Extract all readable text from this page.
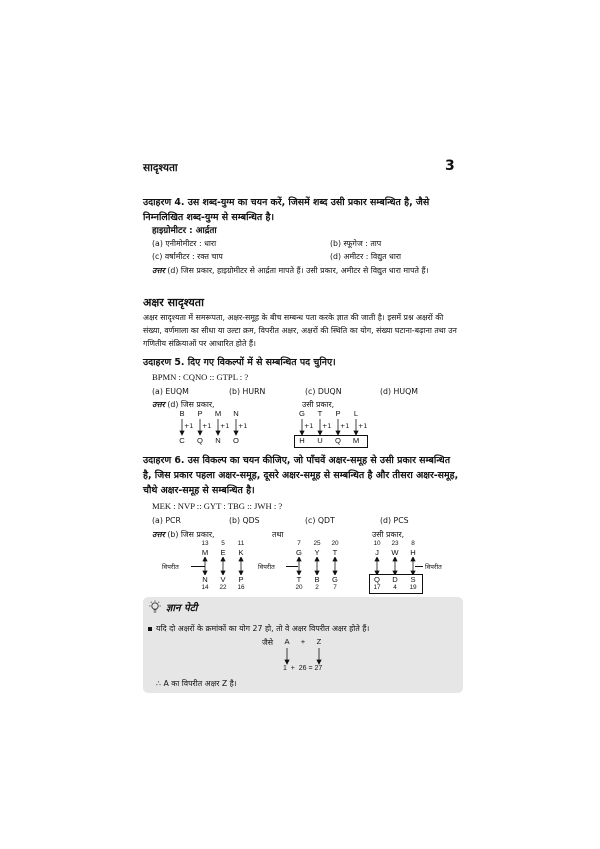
सादृश्यता	3
उदाहरण 4. उस शब्द-युग्म का चयन करें, जिसमें शब्द उसी प्रकार सम्बन्धित है, जैसे निम्नलिखित शब्द-युग्म से सम्बन्धित है।
हाइग्रोमीटर : आर्द्रता
(a) एनीमोमीटर : धारा	(b) स्फूगेज : ताप
(c) वर्षामीटर : रक्त चाप	(d) अमीटर : विद्युत धारा
उत्तर (d) जिस प्रकार, हाइग्रोमीटर से आर्द्रता मापते हैं। उसी प्रकार, अमीटर से विद्युत धारा मापते हैं।
अक्षर सादृश्यता
अक्षर सादृश्यता में समरूपता, अक्षर-समूह के बीच सम्बन्ध पता करके ज्ञात की जाती है। इसमें प्रश्न अक्षरों की संख्या, वर्णमाला का सीधा या उल्टा क्रम, विपरीत अक्षर, अक्षरों की स्थिति का योग, संख्या घटाना-बढ़ाना तथा उन गणितीय संक्रियाओं पर आधारित होते हैं।
उदाहरण 5. दिए गए विकल्पों में से सम्बन्धित पद चुनिए।
BPMN : CQNO :: GTPL : ?
(a) EUQM	(b) HURN	(c) DUQN	(d) HUQM
उत्तर (d) जिस प्रकार,	उसी प्रकार,
B	P	M	N
+1 +1 +1 +1
C	Q	N	O
G	T	P	L
+1 +1 +1 +1
H	U	Q	M
उदाहरण 6. उस विकल्प का चयन कीजिए, जो पाँचवें अक्षर-समूह से उसी प्रकार सम्बन्धित है, जिस प्रकार पहला अक्षर-समूह, दूसरे अक्षर-समूह से सम्बन्धित है और तीसरा अक्षर-समूह, चौथे अक्षर-समूह से सम्बन्धित है।
MEK : NVP :: GYT : TBG :: JWH : ?
(a) PCR	(b) QDS	(c) QDT	(d) PCS
उत्तर (b) जिस प्रकार,	तथा	उसी प्रकार,
13	5	11
M	E	K
विपरीत
N	V	P
14	22	16
7	25	20
G	Y	T
विपरीत
T	B	G
20	2	7
10	23	8
J	W	H
विपरीत
Q	D	S
17	4	19
ज्ञान पेटी
यदि दो अक्षरों के क्रमांकों का योग 27 हो, तो वे अक्षर विपरीत अक्षर होते हैं।
जैसे	A	+	Z
1  +  26 = 27
∴ A का विपरीत अक्षर Z है।
